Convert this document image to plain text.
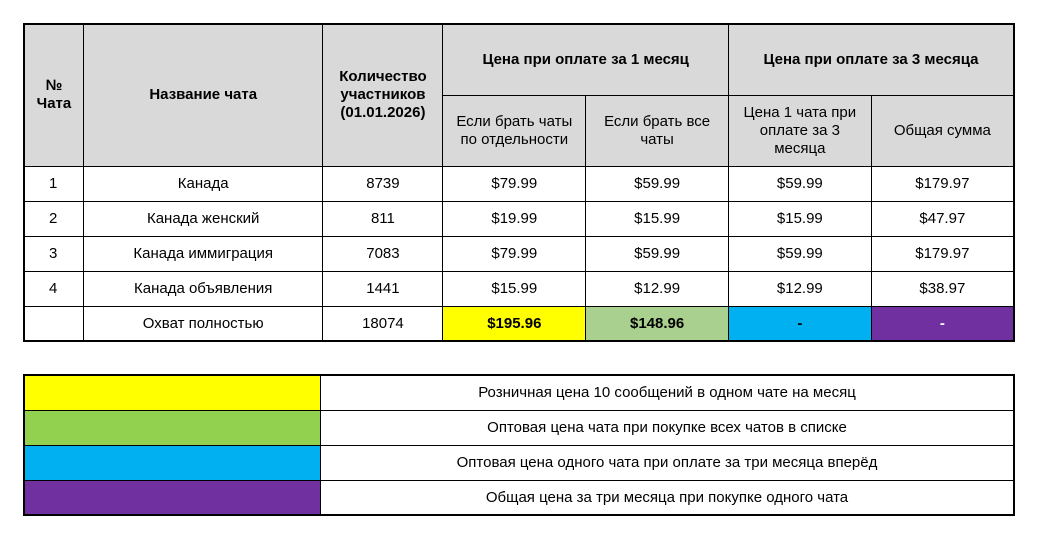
№ Чата	Название чата	Количество участников (01.01.2026)	Цена при оплате за 1 месяц		Цена при оплате за 3 месяца	
			Если брать чаты по отдельности	Если брать все чаты	Цена 1 чата при оплате за 3 месяца	Общая сумма
1	Канада	8739	$79.99	$59.99	$59.99	$179.97
2	Канада женский	811	$19.99	$15.99	$15.99	$47.97
3	Канада иммиграция	7083	$79.99	$59.99	$59.99	$179.97
4	Канада объявления	1441	$15.99	$12.99	$12.99	$38.97
	Охват полностью	18074	$195.96	$148.96	-	-
	Розничная цена 10 сообщений в одном чате на месяц
	Оптовая цена чата при покупке всех чатов в списке
	Оптовая цена одного чата при оплате за три месяца вперёд
	Общая цена за три месяца при покупке одного чата
